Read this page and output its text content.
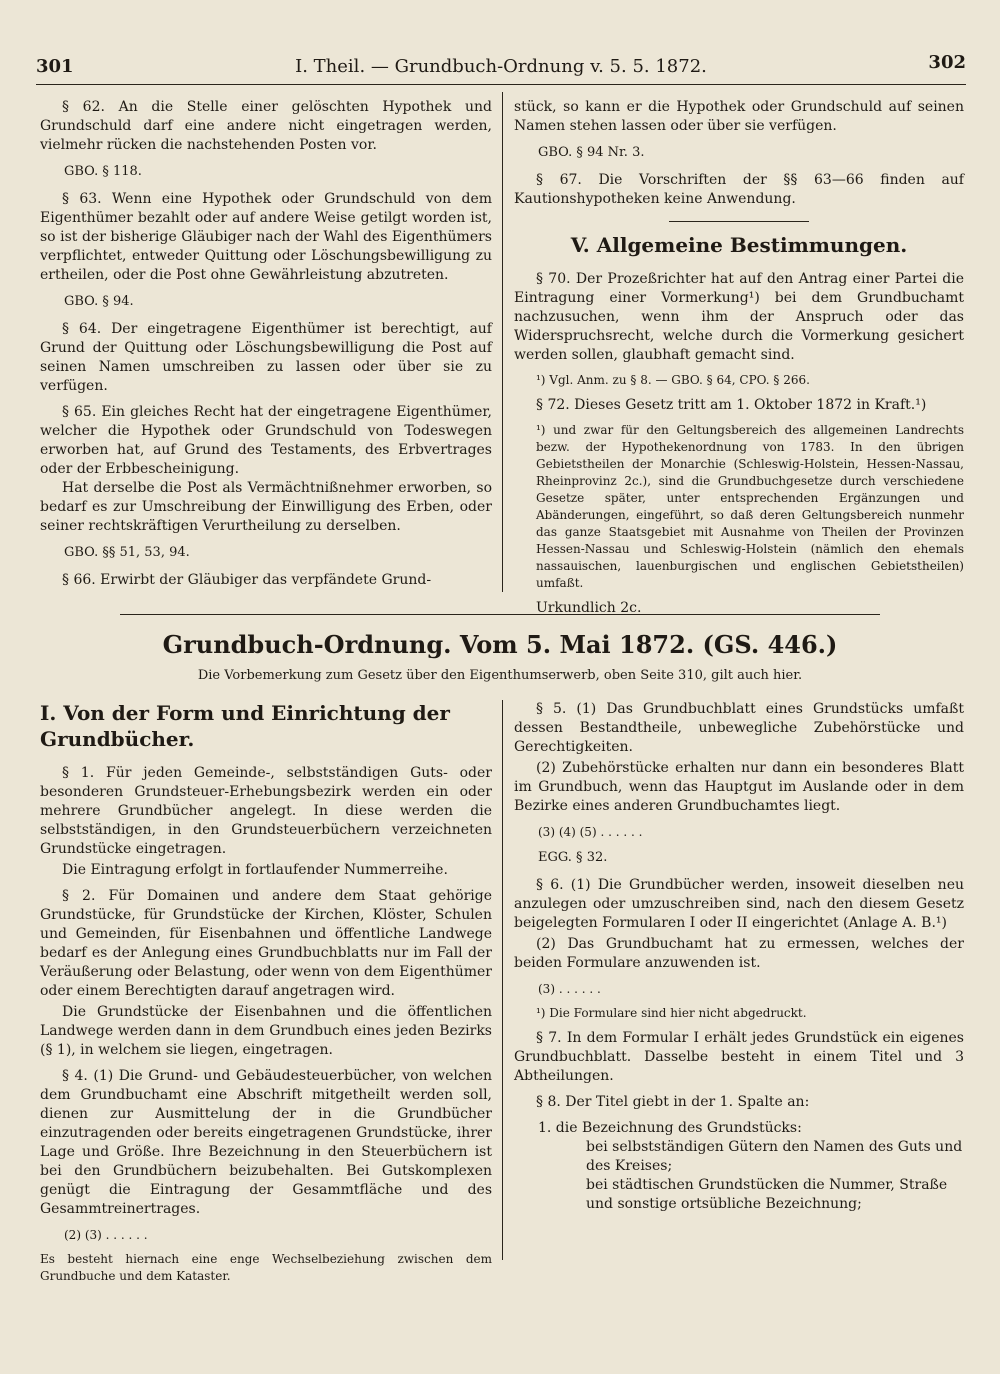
301	I. Theil. — Grundbuch-Ordnung v. 5. 5. 1872.	302

§ 62. An die Stelle einer gelöschten Hypothek und Grundschuld darf eine andere nicht eingetragen werden, vielmehr rücken die nachstehenden Posten vor.

GBO. § 118.

§ 63. Wenn eine Hypothek oder Grundschuld von dem Eigenthümer bezahlt oder auf andere Weise getilgt worden ist, so ist der bisherige Gläubiger nach der Wahl des Eigenthümers verpflichtet, entweder Quittung oder Löschungsbewilligung zu ertheilen, oder die Post ohne Gewährleistung abzutreten.

GBO. § 94.

§ 64. Der eingetragene Eigenthümer ist berechtigt, auf Grund der Quittung oder Löschungsbewilligung die Post auf seinen Namen umschreiben zu lassen oder über sie zu verfügen.

§ 65. Ein gleiches Recht hat der eingetragene Eigenthümer, welcher die Hypothek oder Grundschuld von Todeswegen erworben hat, auf Grund des Testaments, des Erbvertrages oder der Erbbescheinigung.

Hat derselbe die Post als Vermächtnißnehmer erworben, so bedarf es zur Umschreibung der Einwilligung des Erben, oder seiner rechtskräftigen Verurtheilung zu derselben.

GBO. §§ 51, 53, 94.

§ 66. Erwirbt der Gläubiger das verpfändete Grund-

stück, so kann er die Hypothek oder Grundschuld auf seinen Namen stehen lassen oder über sie verfügen.

GBO. § 94 Nr. 3.

§ 67. Die Vorschriften der §§ 63—66 finden auf Kautionshypotheken keine Anwendung.

V. Allgemeine Bestimmungen.

§ 70. Der Prozeßrichter hat auf den Antrag einer Partei die Eintragung einer Vormerkung¹) bei dem Grundbuchamt nachzusuchen, wenn ihm der Anspruch oder das Widerspruchsrecht, welche durch die Vormerkung gesichert werden sollen, glaubhaft gemacht sind.

¹) Vgl. Anm. zu § 8. — GBO. § 64, CPO. § 266.

§ 72. Dieses Gesetz tritt am 1. Oktober 1872 in Kraft.¹)

¹) und zwar für den Geltungsbereich des allgemeinen Landrechts bezw. der Hypothekenordnung von 1783. In den übrigen Gebietstheilen der Monarchie (Schleswig-Holstein, Hessen-Nassau, Rheinprovinz 2c.), sind die Grundbuchgesetze durch verschiedene Gesetze später, unter entsprechenden Ergänzungen und Abänderungen, eingeführt, so daß deren Geltungsbereich nunmehr das ganze Staatsgebiet mit Ausnahme von Theilen der Provinzen Hessen-Nassau und Schleswig-Holstein (nämlich den ehemals nassauischen, lauenburgischen und englischen Gebietstheilen) umfaßt.

Urkundlich 2c.

Grundbuch-Ordnung. Vom 5. Mai 1872. (GS. 446.)
Die Vorbemerkung zum Gesetz über den Eigenthumserwerb, oben Seite 310, gilt auch hier.
I. Von der Form und Einrichtung der Grundbücher.

§ 1. Für jeden Gemeinde-, selbstständigen Guts- oder besonderen Grundsteuer-Erhebungsbezirk werden ein oder mehrere Grundbücher angelegt. In diese werden die selbstständigen, in den Grundsteuerbüchern verzeichneten Grundstücke eingetragen.

Die Eintragung erfolgt in fortlaufender Nummerreihe.

§ 2. Für Domainen und andere dem Staat gehörige Grundstücke, für Grundstücke der Kirchen, Klöster, Schulen und Gemeinden, für Eisenbahnen und öffentliche Landwege bedarf es der Anlegung eines Grundbuchblatts nur im Fall der Veräußerung oder Belastung, oder wenn von dem Eigenthümer oder einem Berechtigten darauf angetragen wird.

Die Grundstücke der Eisenbahnen und die öffentlichen Landwege werden dann in dem Grundbuch eines jeden Bezirks (§ 1), in welchem sie liegen, eingetragen.

§ 4. (1) Die Grund- und Gebäudesteuerbücher, von welchen dem Grundbuchamt eine Abschrift mitgetheilt werden soll, dienen zur Ausmittelung der in die Grundbücher einzutragenden oder bereits eingetragenen Grundstücke, ihrer Lage und Größe. Ihre Bezeichnung in den Steuerbüchern ist bei den Grundbüchern beizubehalten. Bei Gutskomplexen genügt die Eintragung der Gesammtfläche und des Gesammtreinertrages.

(2) (3) . . . . . .

Es besteht hiernach eine enge Wechselbeziehung zwischen dem Grundbuche und dem Kataster.

§ 5. (1) Das Grundbuchblatt eines Grundstücks umfaßt dessen Bestandtheile, unbewegliche Zubehörstücke und Gerechtigkeiten.

(2) Zubehörstücke erhalten nur dann ein besonderes Blatt im Grundbuch, wenn das Hauptgut im Auslande oder in dem Bezirke eines anderen Grundbuchamtes liegt.

(3) (4) (5) . . . . . .

EGG. § 32.

§ 6. (1) Die Grundbücher werden, insoweit dieselben neu anzulegen oder umzuschreiben sind, nach den diesem Gesetz beigelegten Formularen I oder II eingerichtet (Anlage A. B.¹)

(2) Das Grundbuchamt hat zu ermessen, welches der beiden Formulare anzuwenden ist.

(3) . . . . . .

¹) Die Formulare sind hier nicht abgedruckt.

§ 7. In dem Formular I erhält jedes Grundstück ein eigenes Grundbuchblatt. Dasselbe besteht in einem Titel und 3 Abtheilungen.

§ 8. Der Titel giebt in der 1. Spalte an:

1. die Bezeichnung des Grundstücks:
bei selbstständigen Gütern den Namen des Guts und des Kreises;
bei städtischen Grundstücken die Nummer, Straße und sonstige ortsübliche Bezeichnung;
